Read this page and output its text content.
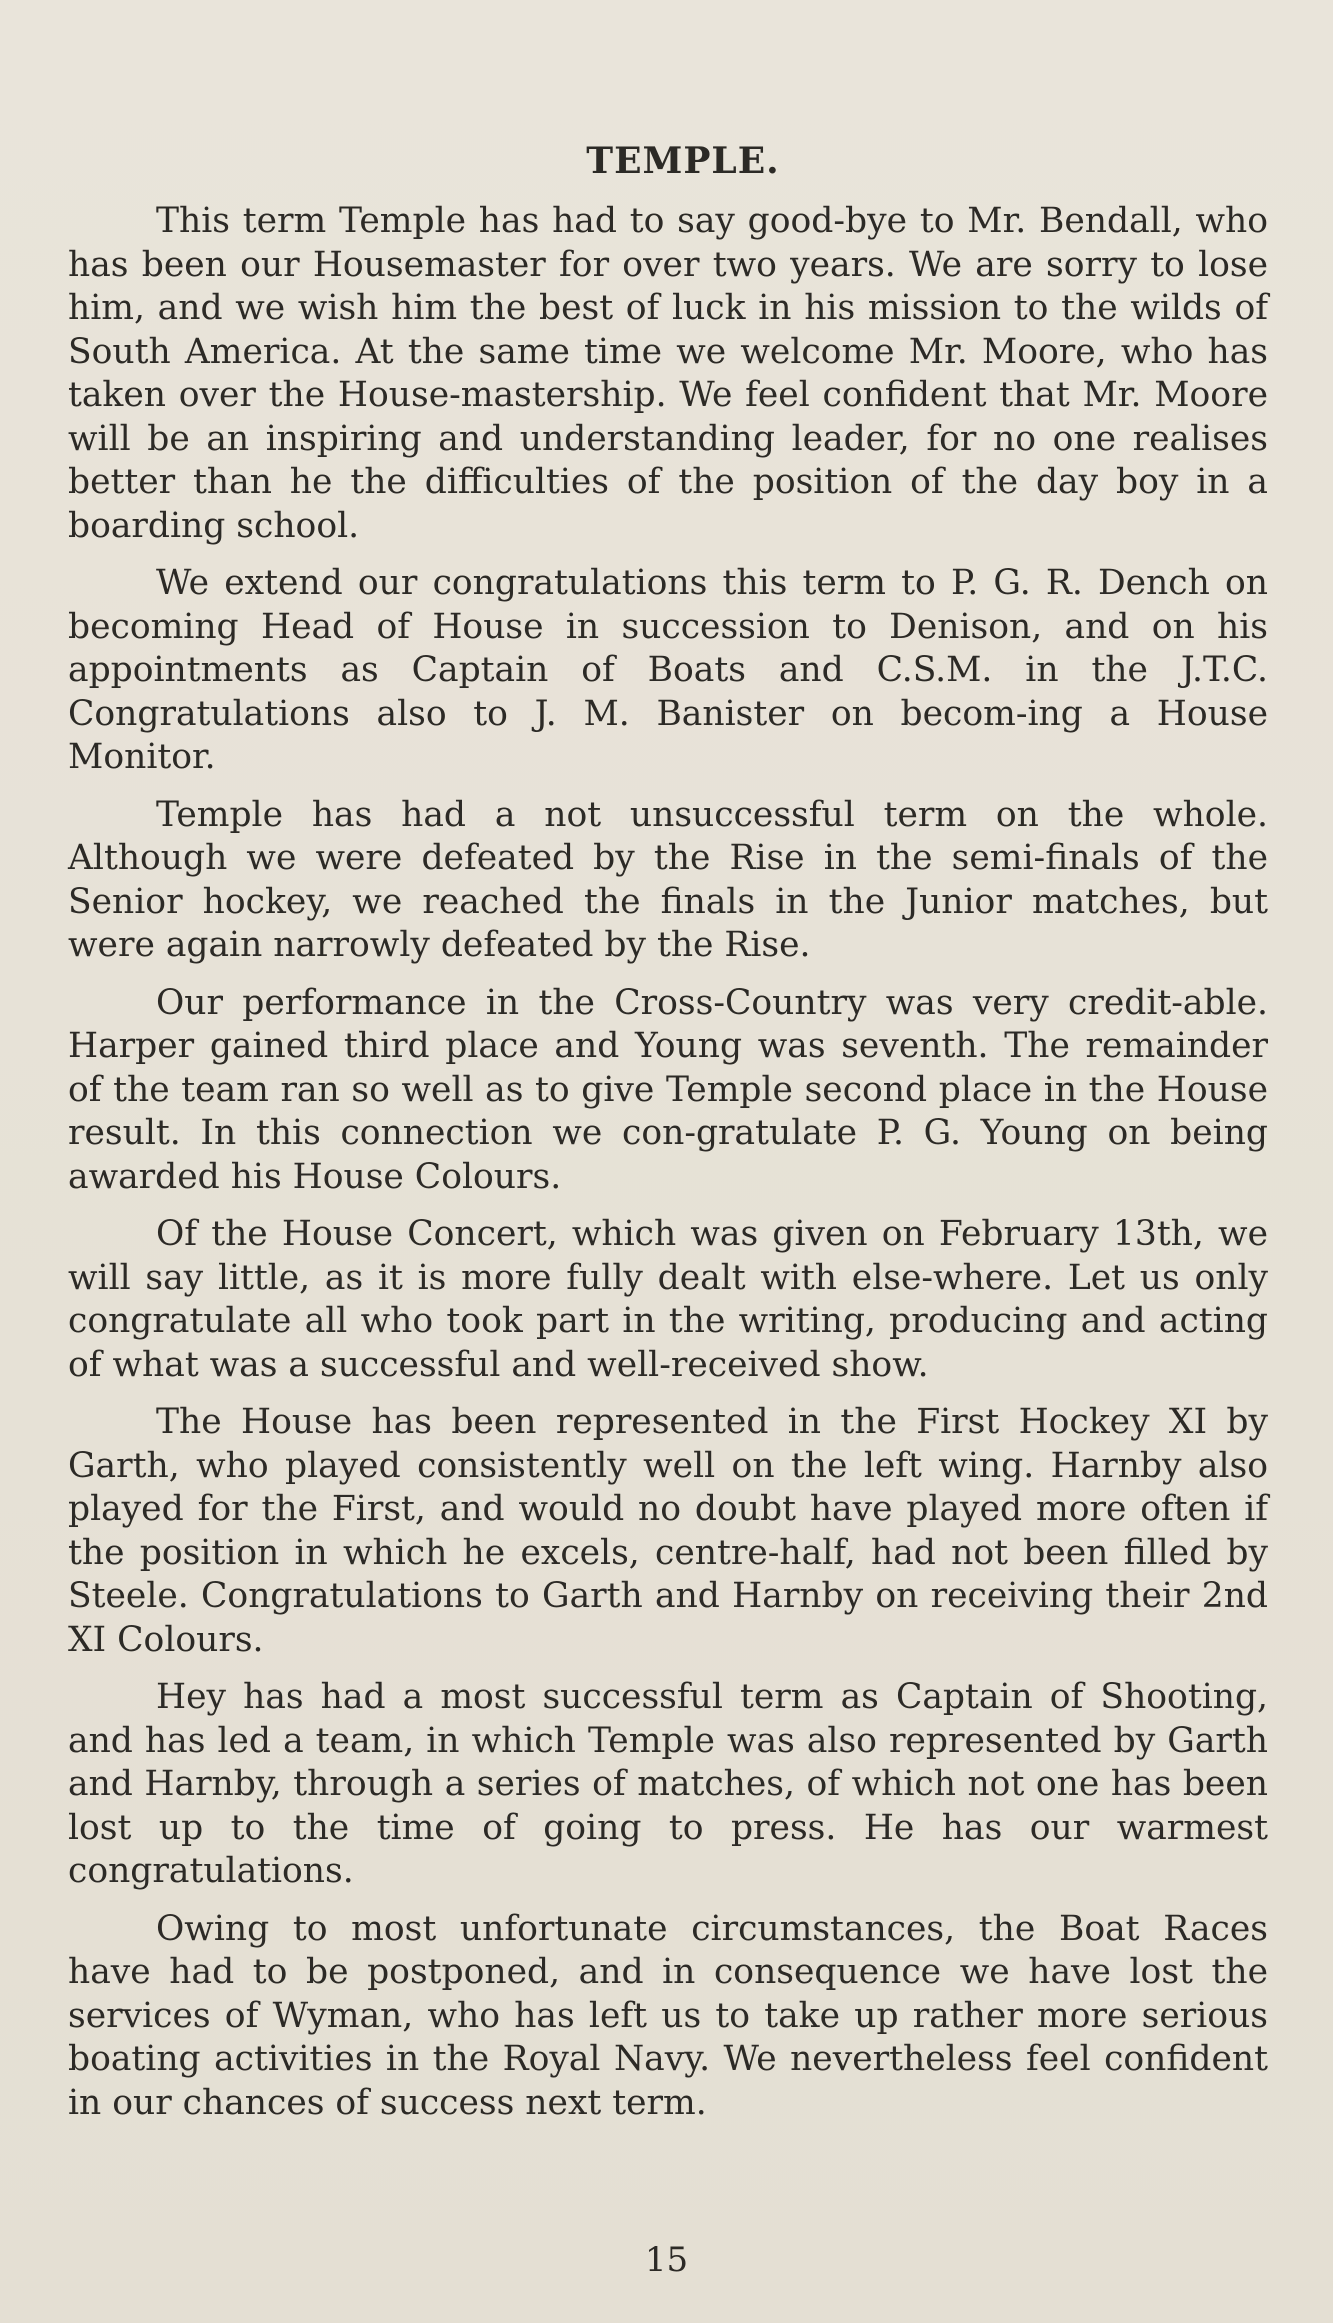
TEMPLE.

This term Temple has had to say good-bye to Mr. Bendall, who has been our Housemaster for over two years. We are sorry to lose him, and we wish him the best of luck in his mission to the wilds of South America. At the same time we welcome Mr. Moore, who has taken over the House-mastership. We feel confident that Mr. Moore will be an inspiring and understanding leader, for no one realises better than he the difficulties of the position of the day boy in a boarding school.

We extend our congratulations this term to P. G. R. Dench on becoming Head of House in succession to Denison, and on his appointments as Captain of Boats and C.S.M. in the J.T.C. Congratulations also to J. M. Banister on becom-ing a House Monitor.

Temple has had a not unsuccessful term on the whole. Although we were defeated by the Rise in the semi-finals of the Senior hockey, we reached the finals in the Junior matches, but were again narrowly defeated by the Rise.

Our performance in the Cross-Country was very credit-able. Harper gained third place and Young was seventh. The remainder of the team ran so well as to give Temple second place in the House result. In this connection we con-gratulate P. G. Young on being awarded his House Colours.

Of the House Concert, which was given on February 13th, we will say little, as it is more fully dealt with else-where. Let us only congratulate all who took part in the writing, producing and acting of what was a successful and well-received show.

The House has been represented in the First Hockey XI by Garth, who played consistently well on the left wing. Harnby also played for the First, and would no doubt have played more often if the position in which he excels, centre-half, had not been filled by Steele. Congratulations to Garth and Harnby on receiving their 2nd XI Colours.

Hey has had a most successful term as Captain of Shooting, and has led a team, in which Temple was also represented by Garth and Harnby, through a series of matches, of which not one has been lost up to the time of going to press. He has our warmest congratulations.

Owing to most unfortunate circumstances, the Boat Races have had to be postponed, and in consequence we have lost the services of Wyman, who has left us to take up rather more serious boating activities in the Royal Navy. We nevertheless feel confident in our chances of success next term.

15
